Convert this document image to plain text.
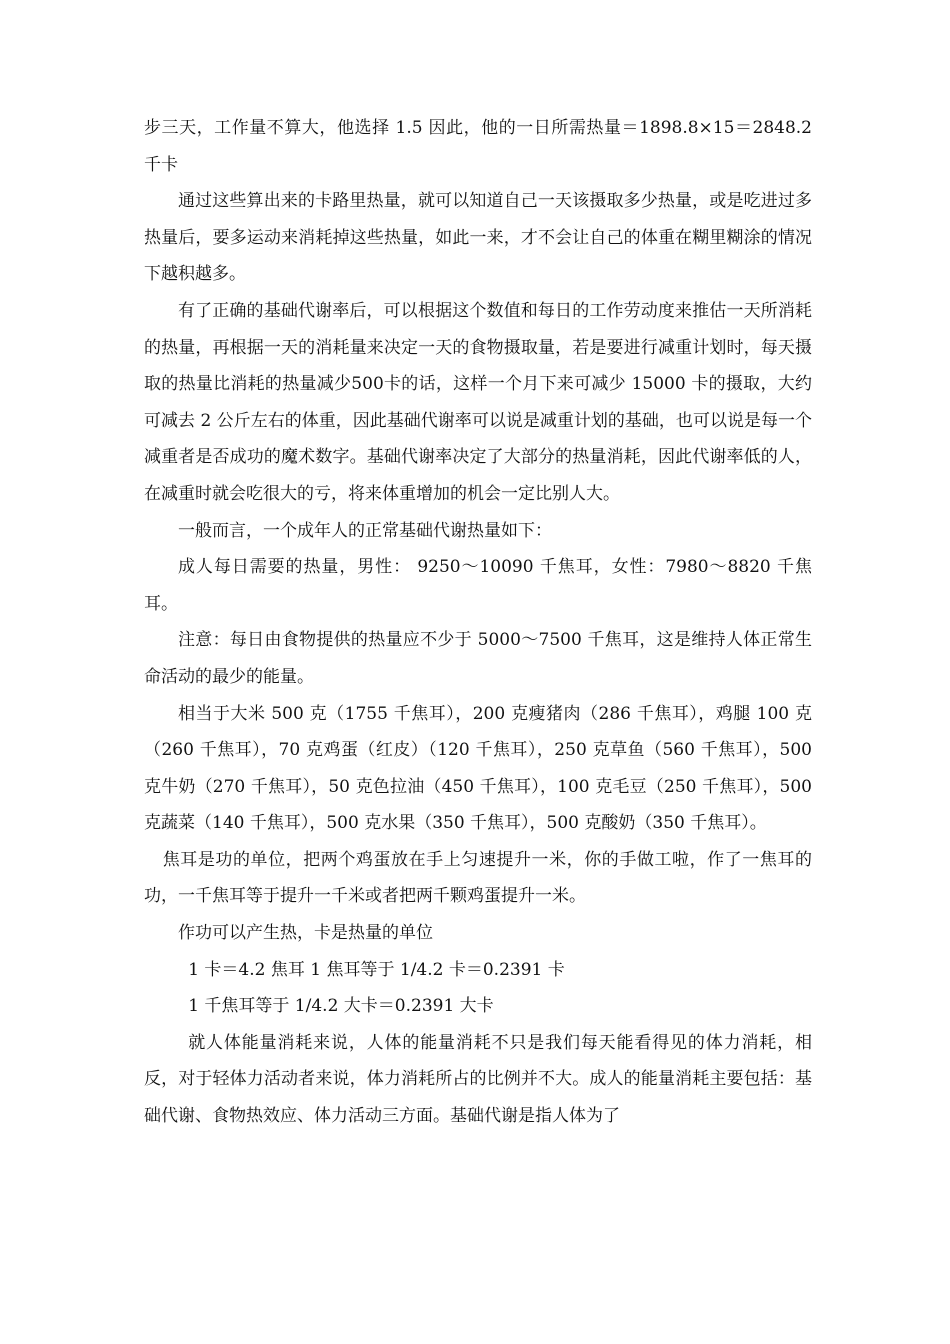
步三天，工作量不算大，他选择 1.5 因此，他的一日所需热量＝1898.8×15＝2848.2千卡

通过这些算出来的卡路里热量，就可以知道自己一天该摄取多少热量，或是吃进过多热量后，要多运动来消耗掉这些热量，如此一来，才不会让自己的体重在糊里糊涂的情况下越积越多。

有了正确的基础代谢率后，可以根据这个数值和每日的工作劳动度来推估一天所消耗的热量，再根据一天的消耗量来决定一天的食物摄取量，若是要进行减重计划时，每天摄取的热量比消耗的热量减少500卡的话，这样一个月下来可减少 15000 卡的摄取，大约可减去 2 公斤左右的体重，因此基础代谢率可以说是减重计划的基础，也可以说是每一个减重者是否成功的魔术数字。基础代谢率决定了大部分的热量消耗，因此代谢率低的人，在减重时就会吃很大的亏，将来体重增加的机会一定比别人大。

一般而言，一个成年人的正常基础代谢热量如下：

成人每日需要的热量，男性： 9250～10090 千焦耳，女性：7980～8820 千焦耳。

注意：每日由食物提供的热量应不少于 5000～7500 千焦耳，这是维持人体正常生命活动的最少的能量。

相当于大米 500 克（1755 千焦耳），200 克瘦猪肉（286 千焦耳），鸡腿 100 克（260 千焦耳），70 克鸡蛋（红皮）（120 千焦耳），250 克草鱼（560 千焦耳），500 克牛奶（270 千焦耳），50 克色拉油（450 千焦耳），100 克毛豆（250 千焦耳），500 克蔬菜（140 千焦耳），500 克水果（350 千焦耳），500 克酸奶（350 千焦耳）。

焦耳是功的单位，把两个鸡蛋放在手上匀速提升一米，你的手做工啦，作了一焦耳的功，一千焦耳等于提升一千米或者把两千颗鸡蛋提升一米。

作功可以产生热，卡是热量的单位

1 卡＝4.2 焦耳 1 焦耳等于 1/4.2 卡＝0.2391 卡

1 千焦耳等于 1/4.2 大卡＝0.2391 大卡

就人体能量消耗来说，人体的能量消耗不只是我们每天能看得见的体力消耗，相反，对于轻体力活动者来说，体力消耗所占的比例并不大。成人的能量消耗主要包括：基础代谢、食物热效应、体力活动三方面。基础代谢是指人体为了
